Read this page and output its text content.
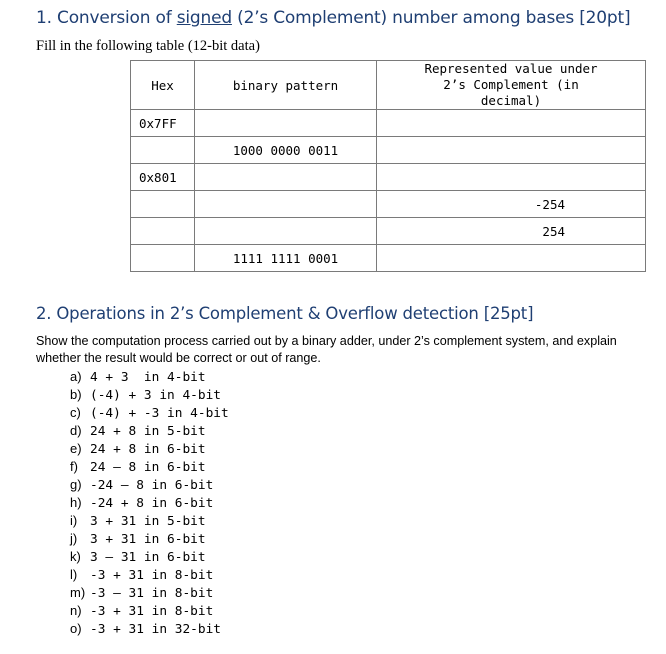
1. Conversion of signed (2’s Complement) number among bases [20pt]
Fill in the following table (12-bit data)
Hex	binary pattern	Represented value under 2’s Complement (in decimal)

0x7FF		
	1000 0000 0011	
0x801		
		-254
		254
	1111 1111 0001	
2. Operations in 2’s Complement & Overflow detection [25pt]
Show the computation process carried out by a binary adder, under 2’s complement system, and explain whether the result would be correct or out of range.
a) 4 + 3  in 4-bit
b) (-4) + 3 in 4-bit
c) (-4) + -3 in 4-bit
d) 24 + 8 in 5-bit
e) 24 + 8 in 6-bit
f) 24 – 8 in 6-bit
g) -24 – 8 in 6-bit
h) -24 + 8 in 6-bit
i) 3 + 31 in 5-bit
j) 3 + 31 in 6-bit
k) 3 – 31 in 6-bit
l) -3 + 31 in 8-bit
m) -3 – 31 in 8-bit
n) -3 + 31 in 8-bit
o) -3 + 31 in 32-bit
